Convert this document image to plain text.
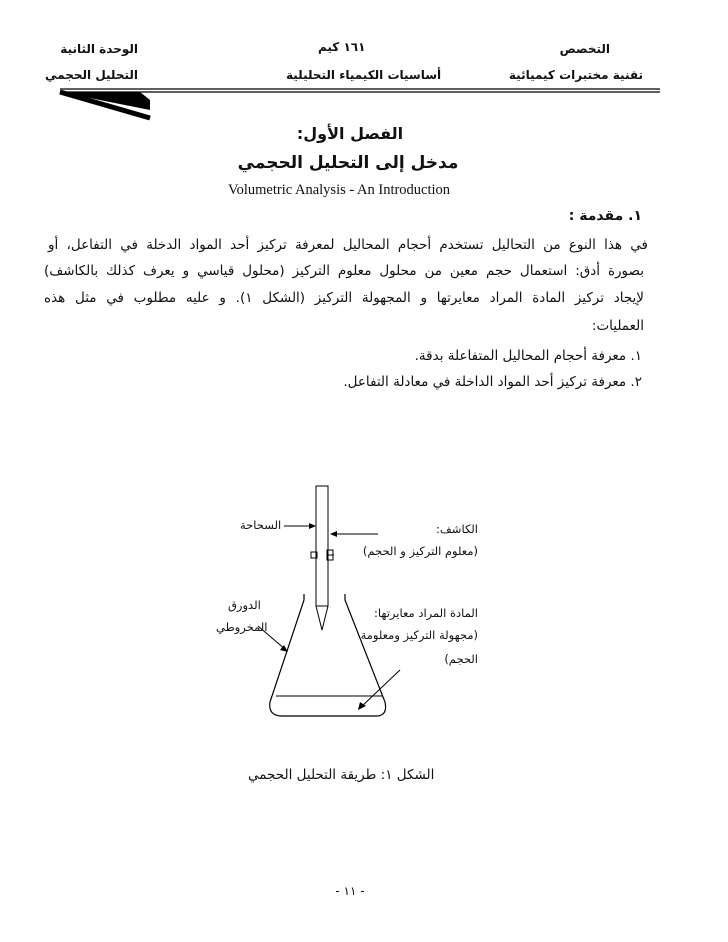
الوحدة الثانية	١٦١ كيم	التخصص
التحليل الحجمي	أساسيات الكيمياء التحليلية	تقنية مختبرات كيميائية
الفصل الأول:
مدخل إلى التحليل الحجمي
Volumetric Analysis - An Introduction
١. مقدمة :
في هذا النوع من التحاليل تستخدم أحجام المحاليل لمعرفة تركيز أحد المواد الدخلة في التفاعل، أو
بصورة أدق: استعمال حجم معين من محلول معلوم التركيز (محلول قياسي و يعرف كذلك بالكاشف)
لإيجاد تركيز المادة المراد معايرتها و المجهولة التركيز (الشكل ١). و عليه مطلوب في مثل هذه
العمليات:
١. معرفة أحجام المحاليل المتفاعلة بدقة.
٢. معرفة تركيز أحد المواد الداخلة في معادلة التفاعل.
السحاحة	الكاشف:
(معلوم التركيز و الحجم)
الدورق
المخروطي
المادة المراد معايرتها:
(مجهولة التركيز ومعلومة
الحجم)
الشكل ١: طريقة التحليل الحجمي
- ١١ -
